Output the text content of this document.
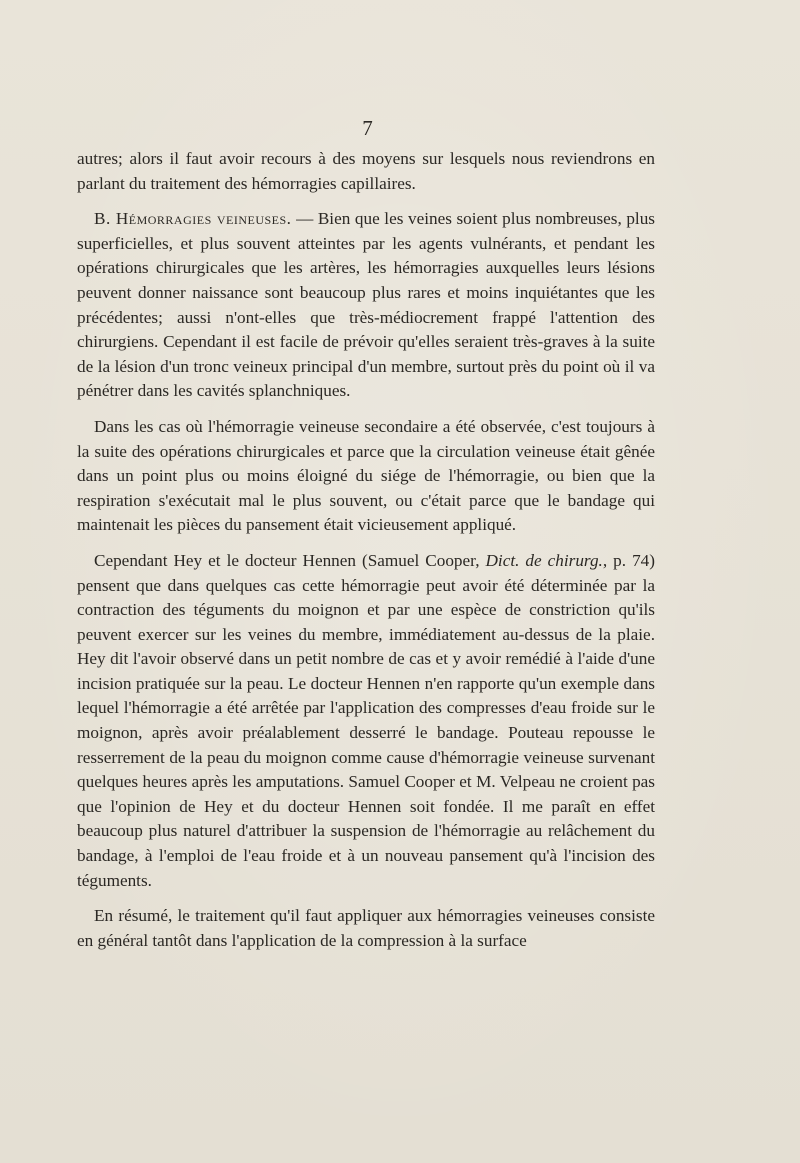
7

autres; alors il faut avoir recours à des moyens sur lesquels nous reviendrons en parlant du traitement des hémorragies capillaires.

B. Hémorragies veineuses. — Bien que les veines soient plus nombreuses, plus superficielles, et plus souvent atteintes par les agents vulnérants, et pendant les opérations chirurgicales que les artères, les hémorragies auxquelles leurs lésions peuvent donner naissance sont beaucoup plus rares et moins inquiétantes que les précédentes; aussi n'ont-elles que très-médiocrement frappé l'attention des chirurgiens. Cependant il est facile de prévoir qu'elles seraient très-graves à la suite de la lésion d'un tronc veineux principal d'un membre, surtout près du point où il va pénétrer dans les cavités splanchniques.

Dans les cas où l'hémorragie veineuse secondaire a été observée, c'est toujours à la suite des opérations chirurgicales et parce que la circulation veineuse était gênée dans un point plus ou moins éloigné du siége de l'hémorragie, ou bien que la respiration s'exécutait mal le plus souvent, ou c'était parce que le bandage qui maintenait les pièces du pansement était vicieusement appliqué.

Cependant Hey et le docteur Hennen (Samuel Cooper, Dict. de chirurg., p. 74) pensent que dans quelques cas cette hémorragie peut avoir été déterminée par la contraction des téguments du moignon et par une espèce de constriction qu'ils peuvent exercer sur les veines du membre, immédiatement au-dessus de la plaie. Hey dit l'avoir observé dans un petit nombre de cas et y avoir remédié à l'aide d'une incision pratiquée sur la peau. Le docteur Hennen n'en rapporte qu'un exemple dans lequel l'hémorragie a été arrêtée par l'application des compresses d'eau froide sur le moignon, après avoir préalablement desserré le bandage. Pouteau repousse le resserrement de la peau du moignon comme cause d'hémorragie veineuse survenant quelques heures après les amputations. Samuel Cooper et M. Velpeau ne croient pas que l'opinion de Hey et du docteur Hennen soit fondée. Il me paraît en effet beaucoup plus naturel d'attribuer la suspension de l'hémorragie au relâchement du bandage, à l'emploi de l'eau froide et à un nouveau pansement qu'à l'incision des téguments.

En résumé, le traitement qu'il faut appliquer aux hémorragies veineuses consiste en général tantôt dans l'application de la compression à la surface
